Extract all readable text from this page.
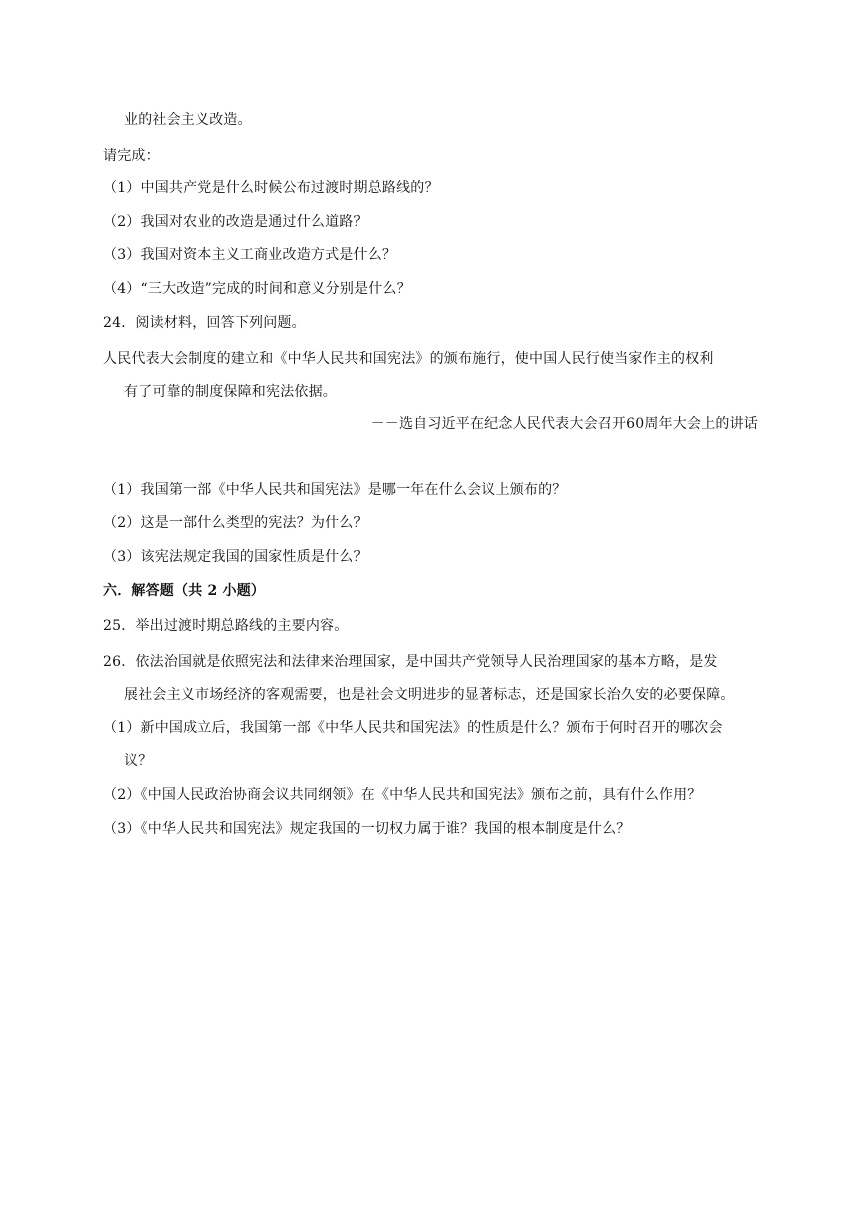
业的社会主义改造。
请完成：
（1）中国共产党是什么时候公布过渡时期总路线的？
（2）我国对农业的改造是通过什么道路？
（3）我国对资本主义工商业改造方式是什么？
（4）“三大改造”完成的时间和意义分别是什么？
24．阅读材料，回答下列问题。
人民代表大会制度的建立和《中华人民共和国宪法》的颁布施行，使中国人民行使当家作主的权利
有了可靠的制度保障和宪法依据。
－－选自习近平在纪念人民代表大会召开60周年大会上的讲话
（1）我国第一部《中华人民共和国宪法》是哪一年在什么会议上颁布的？
（2）这是一部什么类型的宪法？为什么？
（3）该宪法规定我国的国家性质是什么？
六．解答题（共 2 小题）
25．举出过渡时期总路线的主要内容。
26．依法治国就是依照宪法和法律来治理国家，是中国共产党领导人民治理国家的基本方略，是发
展社会主义市场经济的客观需要，也是社会文明进步的显著标志，还是国家长治久安的必要保障。
（1）新中国成立后，我国第一部《中华人民共和国宪法》的性质是什么？颁布于何时召开的哪次会
议？
（2）《中国人民政治协商会议共同纲领》在《中华人民共和国宪法》颁布之前，具有什么作用？
（3）《中华人民共和国宪法》规定我国的一切权力属于谁？我国的根本制度是什么？
